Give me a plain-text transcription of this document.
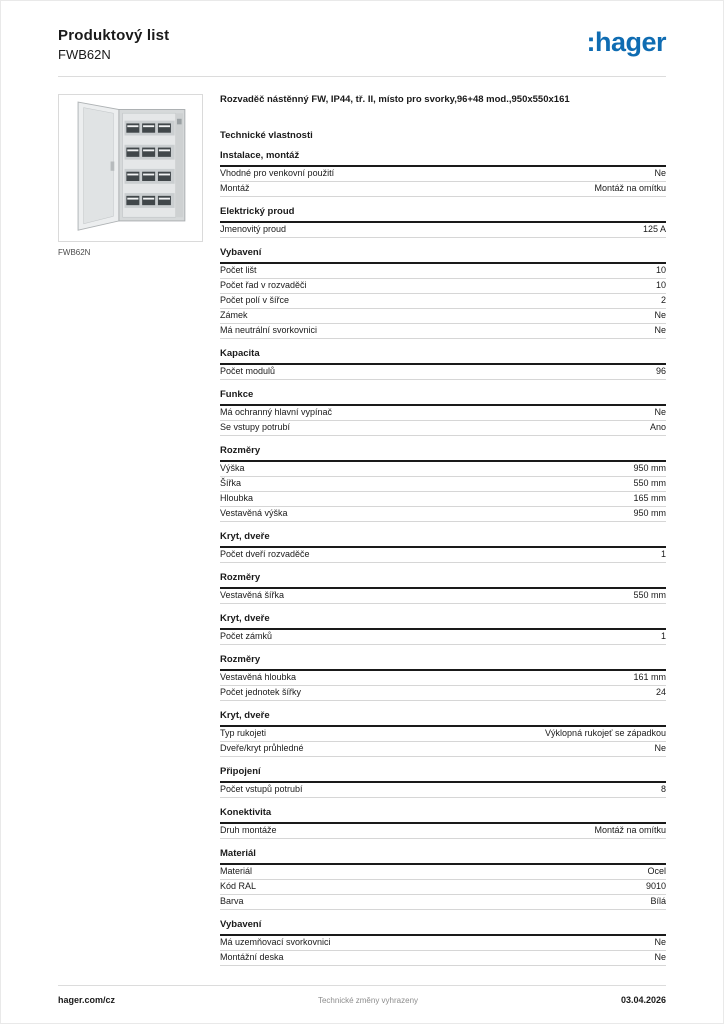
Produktový list
FWB62N	:hager
FWB62N
Rozvaděč nástěnný FW, IP44, tř. II, místo pro svorky,96+48 mod.,950x550x161
Technické vlastnosti
Instalace, montáž
Vhodné pro venkovní použití	Ne
Montáž	Montáž na omítku
Elektrický proud
Jmenovitý proud	125 A
Vybavení
Počet lišt	10
Počet řad v rozvaděči	10
Počet polí v šířce	2
Zámek	Ne
Má neutrální svorkovnici	Ne
Kapacita
Počet modulů	96
Funkce
Má ochranný hlavní vypínač	Ne
Se vstupy potrubí	Ano
Rozměry
Výška	950 mm
Šířka	550 mm
Hloubka	165 mm
Vestavěná výška	950 mm
Kryt, dveře
Počet dveří rozvaděče	1
Rozměry
Vestavěná šířka	550 mm
Kryt, dveře
Počet zámků	1
Rozměry
Vestavěná hloubka	161 mm
Počet jednotek šířky	24
Kryt, dveře
Typ rukojeti	Výklopná rukojeť se západkou
Dveře/kryt průhledné	Ne
Připojení
Počet vstupů potrubí	8
Konektivita
Druh montáže	Montáž na omítku
Materiál
Materiál	Ocel
Kód RAL	9010
Barva	Bílá
Vybavení
Má uzemňovací svorkovnici	Ne
Montážní deska	Ne
hager.com/cz	Technické změny vyhrazeny	03.04.2026
